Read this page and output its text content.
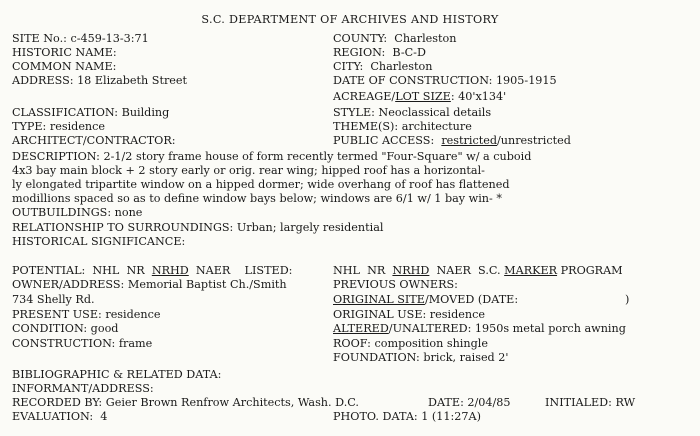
S.C. DEPARTMENT OF ARCHIVES AND HISTORY
SITE No.: c-459-13-3:71
HISTORIC NAME:
COMMON NAME:
ADDRESS: 18 Elizabeth Street
CLASSIFICATION: Building
TYPE: residence
ARCHITECT/CONTRACTOR:
COUNTY:  Charleston
REGION:  B-C-D
CITY:  Charleston
DATE OF CONSTRUCTION: 1905-1915
ACREAGE/LOT SIZE: 40'x134'
STYLE: Neoclassical details
THEME(S): architecture
PUBLIC ACCESS:  restricted/unrestricted
DESCRIPTION: 2-1/2 story frame house of form recently termed "Four-Square" w/ a cuboid
4x3 bay main block + 2 story early or orig. rear wing; hipped roof has a horizontal-
ly elongated tripartite window on a hipped dormer; wide overhang of roof has flattened
modillions spaced so as to define window bays below; windows are 6/1 w/ 1 bay win- *
OUTBUILDINGS: none
RELATIONSHIP TO SURROUNDINGS: Urban; largely residential
HISTORICAL SIGNIFICANCE:
POTENTIAL:  NHL  NR  NRHD  NAER    LISTED:	NHL  NR  NRHD  NAER  S.C. MARKER PROGRAM
OWNER/ADDRESS: Memorial Baptist Ch./Smith
734 Shelly Rd.
PRESENT USE: residence
CONDITION: good
CONSTRUCTION: frame
PREVIOUS OWNERS:
ORIGINAL SITE/MOVED (DATE:	)
ORIGINAL USE: residence
ALTERED/UNALTERED: 1950s metal porch awning
ROOF: composition shingle
FOUNDATION: brick, raised 2'
BIBLIOGRAPHIC & RELATED DATA:
INFORMANT/ADDRESS:
RECORDED BY: Geier Brown Renfrow Architects, Wash. D.C.	DATE: 2/04/85	INITIALED: RW
EVALUATION:  4	PHOTO. DATA: 1 (11:27A)
